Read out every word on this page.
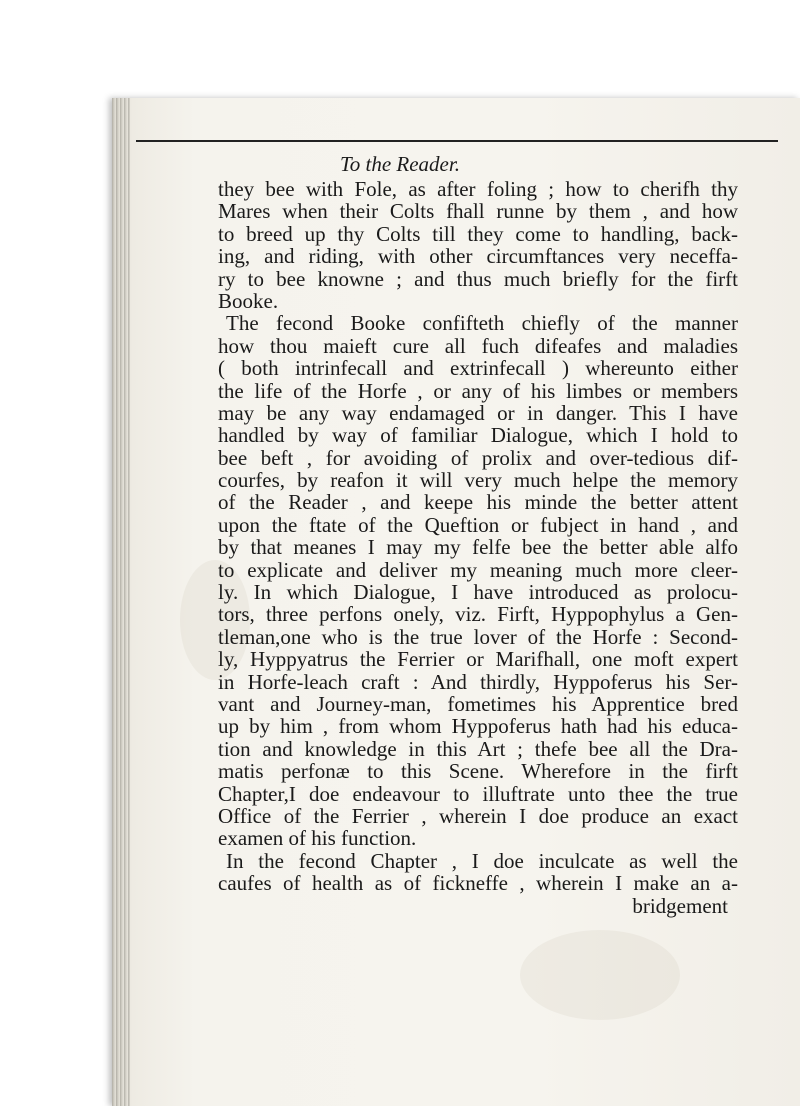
To the Reader.
they bee with Fole, as after foling ; how to cherifh thy
Mares when their Colts fhall runne by them , and how
to breed up thy Colts till they come to handling, back-
ing, and riding, with other circumftances very neceffa-
ry to bee knowne ; and thus much briefly for the firft
Booke.
The fecond Booke confifteth chiefly of the manner
how thou maieft cure all fuch difeafes and maladies
( both intrinfecall and extrinfecall ) whereunto either
the life of the Horfe , or any of his limbes or members
may be any way endamaged or in danger. This I have
handled by way of familiar Dialogue, which I hold to
bee beft , for avoiding of prolix and over-tedious dif-
courfes, by reafon it will very much helpe the memory
of the Reader , and keepe his minde the better attent
upon the ftate of the Queftion or fubject in hand , and
by that meanes I may my felfe bee the better able alfo
to explicate and deliver my meaning much more cleer-
ly. In which Dialogue, I have introduced as prolocu-
tors, three perfons onely, viz. Firft, Hyppophylus a Gen-
tleman,one who is the true lover of the Horfe : Second-
ly, Hyppyatrus the Ferrier or Marifhall, one moft expert
in Horfe-leach craft : And thirdly, Hyppoferus his Ser-
vant and Journey-man, fometimes his Apprentice bred
up by him , from whom Hyppoferus hath had his educa-
tion and knowledge in this Art ; thefe bee all the Dra-
matis perfonæ to this Scene. Wherefore in the firft
Chapter,I doe endeavour to illuftrate unto thee the true
Office of the Ferrier , wherein I doe produce an exact
examen of his function.
In the fecond Chapter , I doe inculcate as well the
caufes of health as of fickneffe , wherein I make an a-
bridgement
